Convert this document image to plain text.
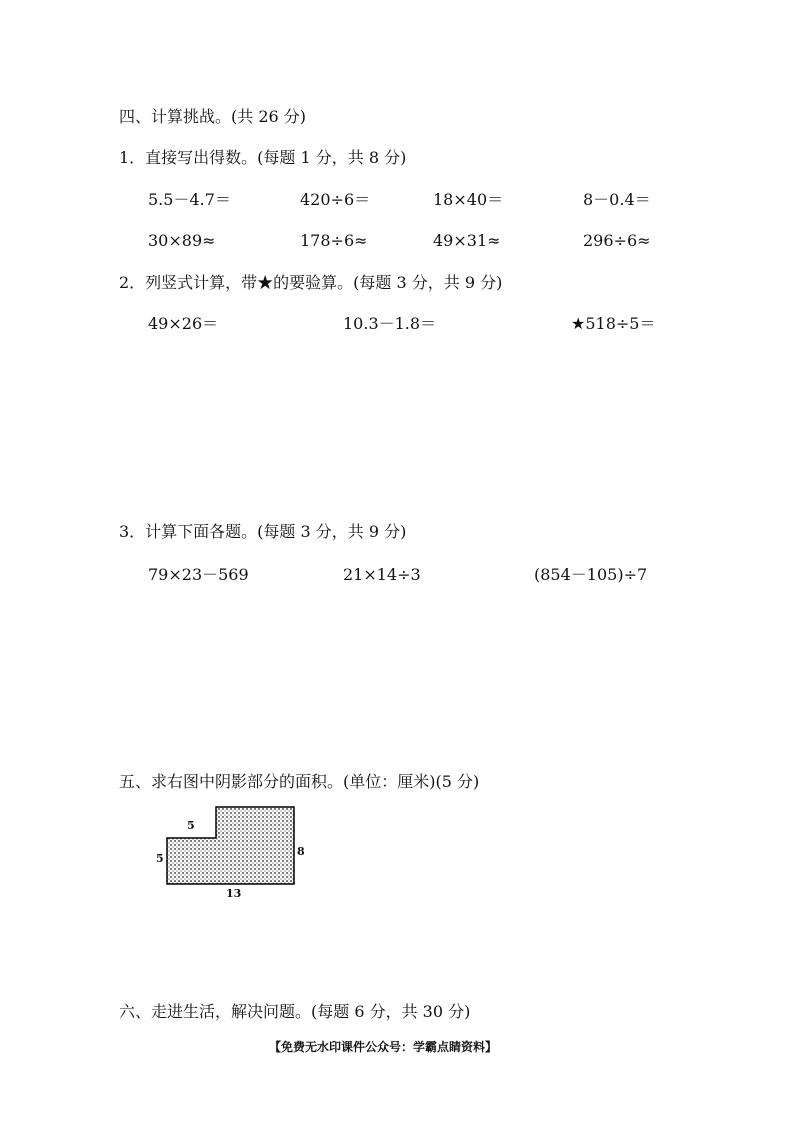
四、计算挑战。(共 26 分)
1．直接写出得数。(每题 1 分，共 8 分)
5.5－4.7＝	420÷6＝	18×40＝	8－0.4＝
30×89≈	178÷6≈	49×31≈	296÷6≈
2．列竖式计算，带★的要验算。(每题 3 分，共 9 分)
49×26＝	10.3－1.8＝	★518÷5＝
3．计算下面各题。(每题 3 分，共 9 分)
79×23－569	21×14÷3	(854－105)÷7
五、求右图中阴影部分的面积。(单位：厘米)(5 分)
5
5
8
13
六、走进生活，解决问题。(每题 6 分，共 30 分)
【免费无水印课件公众号：学霸点睛资料】
